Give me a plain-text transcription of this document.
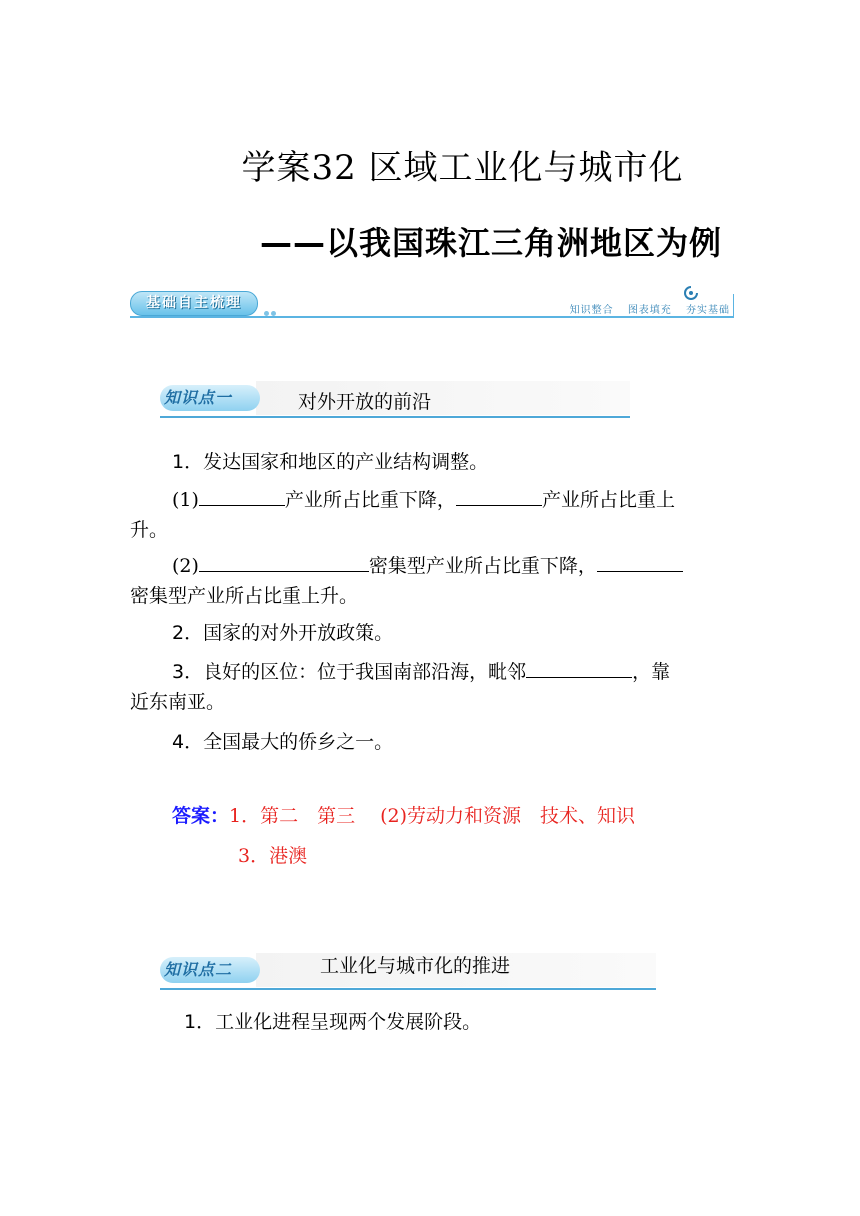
学案32 区域工业化与城市化
——以我国珠江三角洲地区为例
基础自主梳理	知识整合 图表填充 夯实基础
知识点一	对外开放的前沿
1．发达国家和地区的产业结构调整。
(1)	产业所占比重下降，	产业所占比重上
升。
(2)	密集型产业所占比重下降，
密集型产业所占比重上升。
2．国家的对外开放政策。
3．良好的区位：位于我国南部沿海，毗邻	，靠
近东南亚。
4．全国最大的侨乡之一。
答案：1．第二　第三　 (2)劳动力和资源　技术、知识
3．港澳
知识点二	工业化与城市化的推进
1．工业化进程呈现两个发展阶段。
